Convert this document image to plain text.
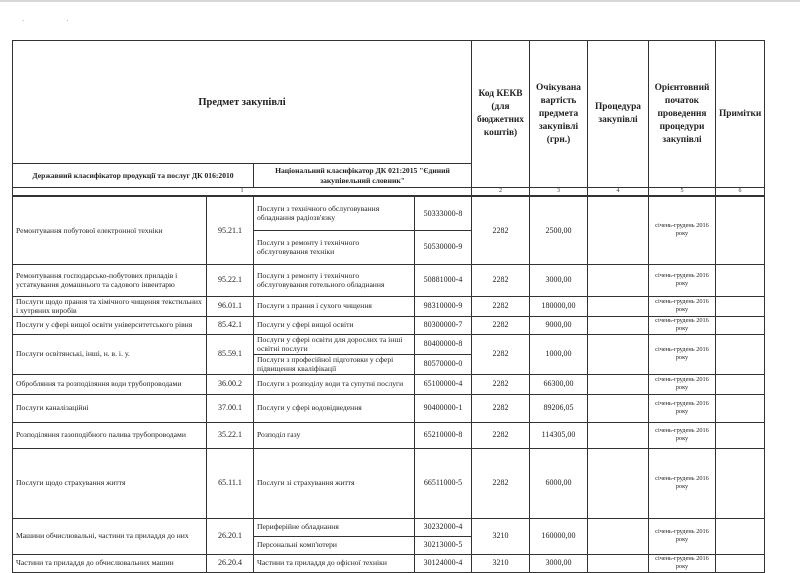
· ·
Предмет закупівлі				Код КЕКВ (для бюджетних коштів)	Очікувана вартість предмета закупівлі (грн.)	Процедура закупівлі	Орієнтовний початок проведення процедури закупівлі	Примітки
Державний класифікатор продукції та послуг ДК 016:2010		Національний класифікатор ДК 021:2015 "Єдиний закупівельний словник"						
1				2	3	4	5	6
Ремонтування побутової електронної техніки	95.21.1	Послуги з технічного обслуговування обладнання радіозв'язку	50333000-8	2282	2500,00		січень-грудень 2016 року	
		Послуги з ремонту і технічного обслуговування техніки	50530000-9					
Ремонтування господарсько-побутових приладів і устаткування домашнього та садового інвентарю	95.22.1	Послуги з ремонту і технічного обслуговування готельного обладнання	50881000-4	2282	3000,00		січень-грудень 2016 року	
Послуги щодо прання та хімічного чищення текстильних і хутряних виробів	96.01.1	Послуги з прання і сухого чищення	98310000-9	2282	180000,00		січень-грудень 2016 року	
Послуги у сфері вищої освіти університетського рівня	85.42.1	Послуги у сфері вищої освіти	80300000-7	2282	9000,00		січень-грудень 2016 року	
Послуги освітянські, інші, н. в. і. у.	85.59.1	Послуги у сфері освіти для дорослих та інші освітні послуги	80400000-8	2282	1000,00		січень-грудень 2016 року	
		Послуги з професійної підготовки у сфері підвищення кваліфікації	80570000-0					
Обробляння та розподіляння води трубопроводами	36.00.2	Послуги з розподілу води та супутні послуги	65100000-4	2282	66300,00		січень-грудень 2016 року	
Послуги каналізаційні	37.00.1	Послуги у сфері водовідведення	90400000-1	2282	89206,05		січень-грудень 2016 року	
Розподіляння газоподібного палива трубопроводами	35.22.1	Розподіл газу	65210000-8	2282	114305,00		січень-грудень 2016 року	
Послуги щодо страхування життя	65.11.1	Послуги зі страхування життя	66511000-5	2282	6000,00		січень-грудень 2016 року	
Машини обчислювальні, частини та приладдя до них	26.20.1	Периферійне обладнання	30232000-4	3210	160000,00		січень-грудень 2016 року	
		Персональні комп'ютери	30213000-5					
Частини та приладдя до обчислювальних машин	26.20.4	Частини та приладдя до офісної техніки	30124000-4	3210	3000,00		січень-грудень 2016 року	
